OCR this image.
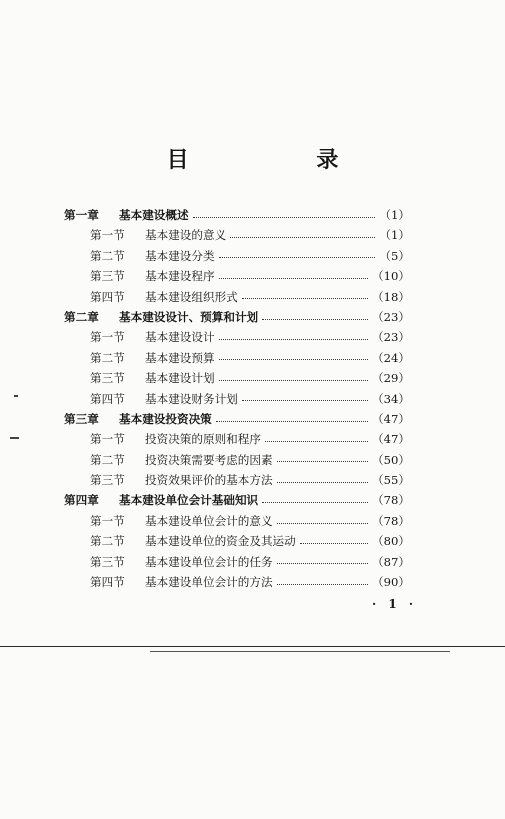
目 录
第一章	基本建设概述	（1）
第一节	基本建设的意义	（1）
第二节	基本建设分类	（5）
第三节	基本建设程序	（10）
第四节	基本建设组织形式	（18）
第二章	基本建设设计、预算和计划	（23）
第一节	基本建设设计	（23）
第二节	基本建设预算	（24）
第三节	基本建设计划	（29）
第四节	基本建设财务计划	（34）
第三章	基本建设投资决策	（47）
第一节	投资决策的原则和程序	（47）
第二节	投资决策需要考虑的因素	（50）
第三节	投资效果评价的基本方法	（55）
第四章	基本建设单位会计基础知识	（78）
第一节	基本建设单位会计的意义	（78）
第二节	基本建设单位的资金及其运动	（80）
第三节	基本建设单位会计的任务	（87）
第四节	基本建设单位会计的方法	（90）
· 1 ·
